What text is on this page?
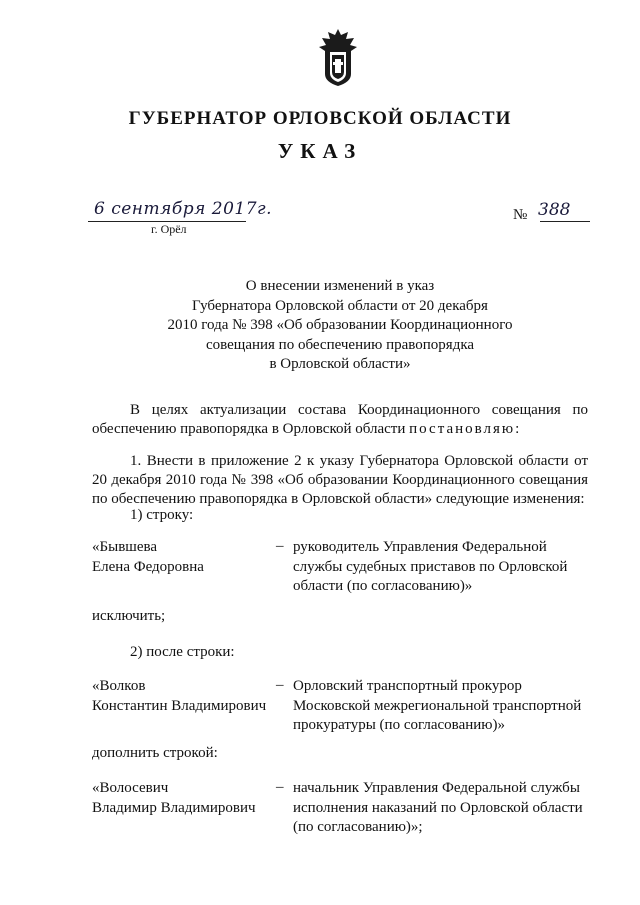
ГУБЕРНАТОР ОРЛОВСКОЙ ОБЛАСТИ
УКАЗ
6 сентября 2017г.
г. Орёл
№ 388
О внесении изменений в указ
Губернатора Орловской области от 20 декабря
2010 года № 398 «Об образовании Координационного
совещания по обеспечению правопорядка
в Орловской области»
В целях актуализации состава Координационного совещания по обеспечению правопорядка в Орловской области постановляю:
1. Внести в приложение 2 к указу Губернатора Орловской области от 20 декабря 2010 года № 398 «Об образовании Координационного совещания по обеспечению правопорядка в Орловской области» следующие изменения:
1) строку:
«Бывшева
Елена Федоровна
– руководитель Управления Федеральной
службы судебных приставов по Орловской
области (по согласованию)»
исключить;
2) после строки:
«Волков
Константин Владимирович
– Орловский транспортный прокурор
Московской межрегиональной транспортной
прокуратуры (по согласованию)»
дополнить строкой:
«Волосевич
Владимир Владимирович
– начальник Управления Федеральной службы
исполнения наказаний по Орловской области
(по согласованию)»;
